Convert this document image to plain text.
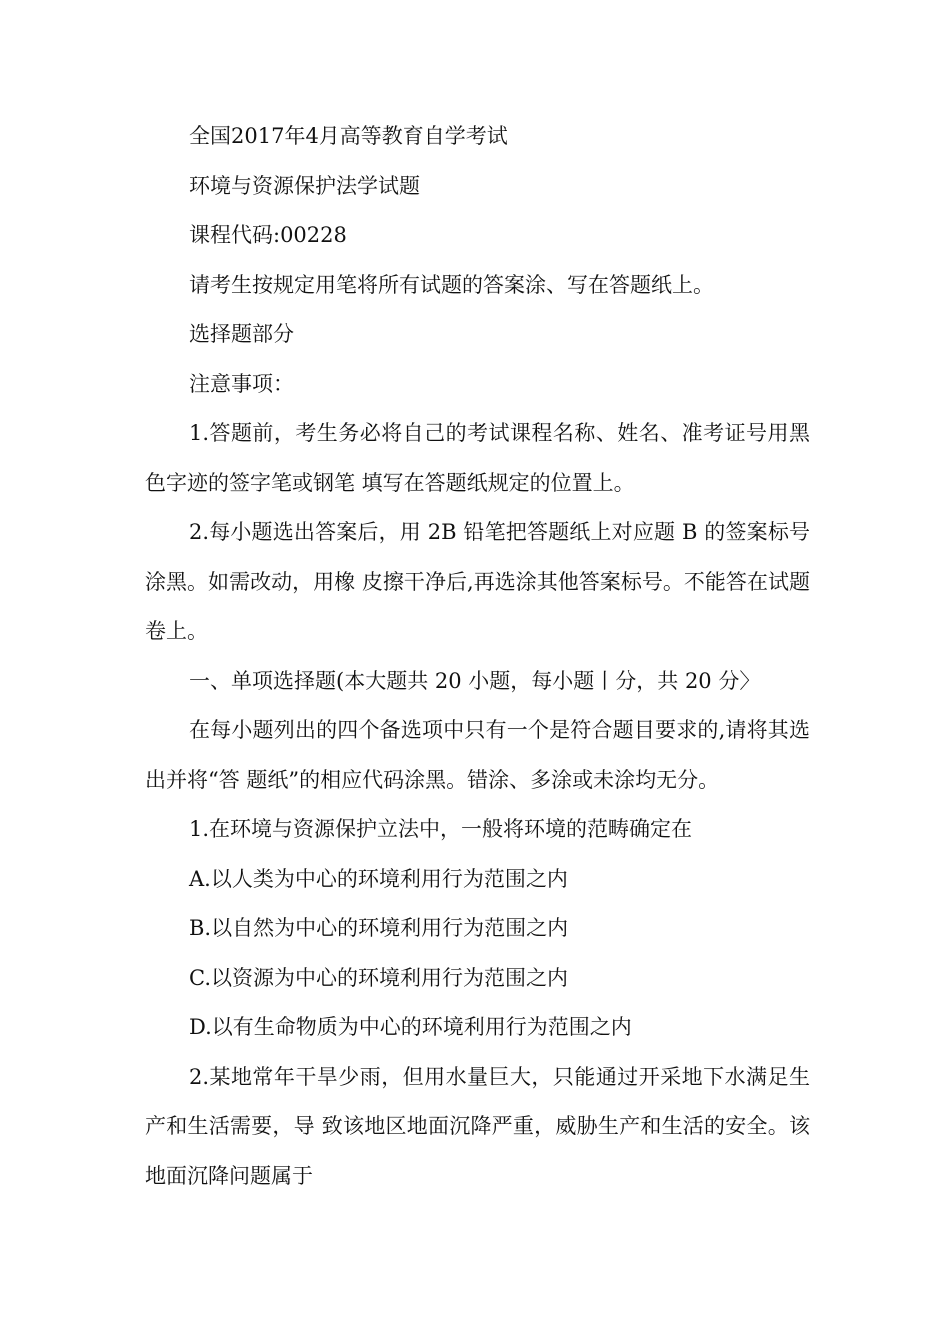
全国2017年4月高等教育自学考试

环境与资源保护法学试题

课程代码:00228

请考生按规定用笔将所有试题的答案涂、写在答题纸上。

选择题部分

注意事项：

1.答题前，考生务必将自己的考试课程名称、姓名、准考证号用黑色字迹的签字笔或钢笔 填写在答题纸规定的位置上。

2.每小题选出答案后，用 2B 铅笔把答题纸上对应题 B 的签案标号涂黑。如需改动，用橡 皮擦干净后,再选涂其他答案标号。不能答在试题卷上。

一、单项选择题(本大题共 20 小题，每小题丨分，共 20 分〉

在每小题列出的四个备选项中只有一个是符合题目要求的,请将其选出并将“答 题纸”的相应代码涂黑。错涂、多涂或未涂均无分。

1.在环境与资源保护立法中，一般将环境的范畴确定在

A.以人类为中心的环境利用行为范围之内

B.以自然为中心的环境利用行为范围之内

C.以资源为中心的环境利用行为范围之内

D.以有生命物质为中心的环境利用行为范围之内

2.某地常年干旱少雨，但用水量巨大，只能通过开采地下水满足生产和生活需要，导 致该地区地面沉降严重，威胁生产和生活的安全。该地面沉降问题属于
